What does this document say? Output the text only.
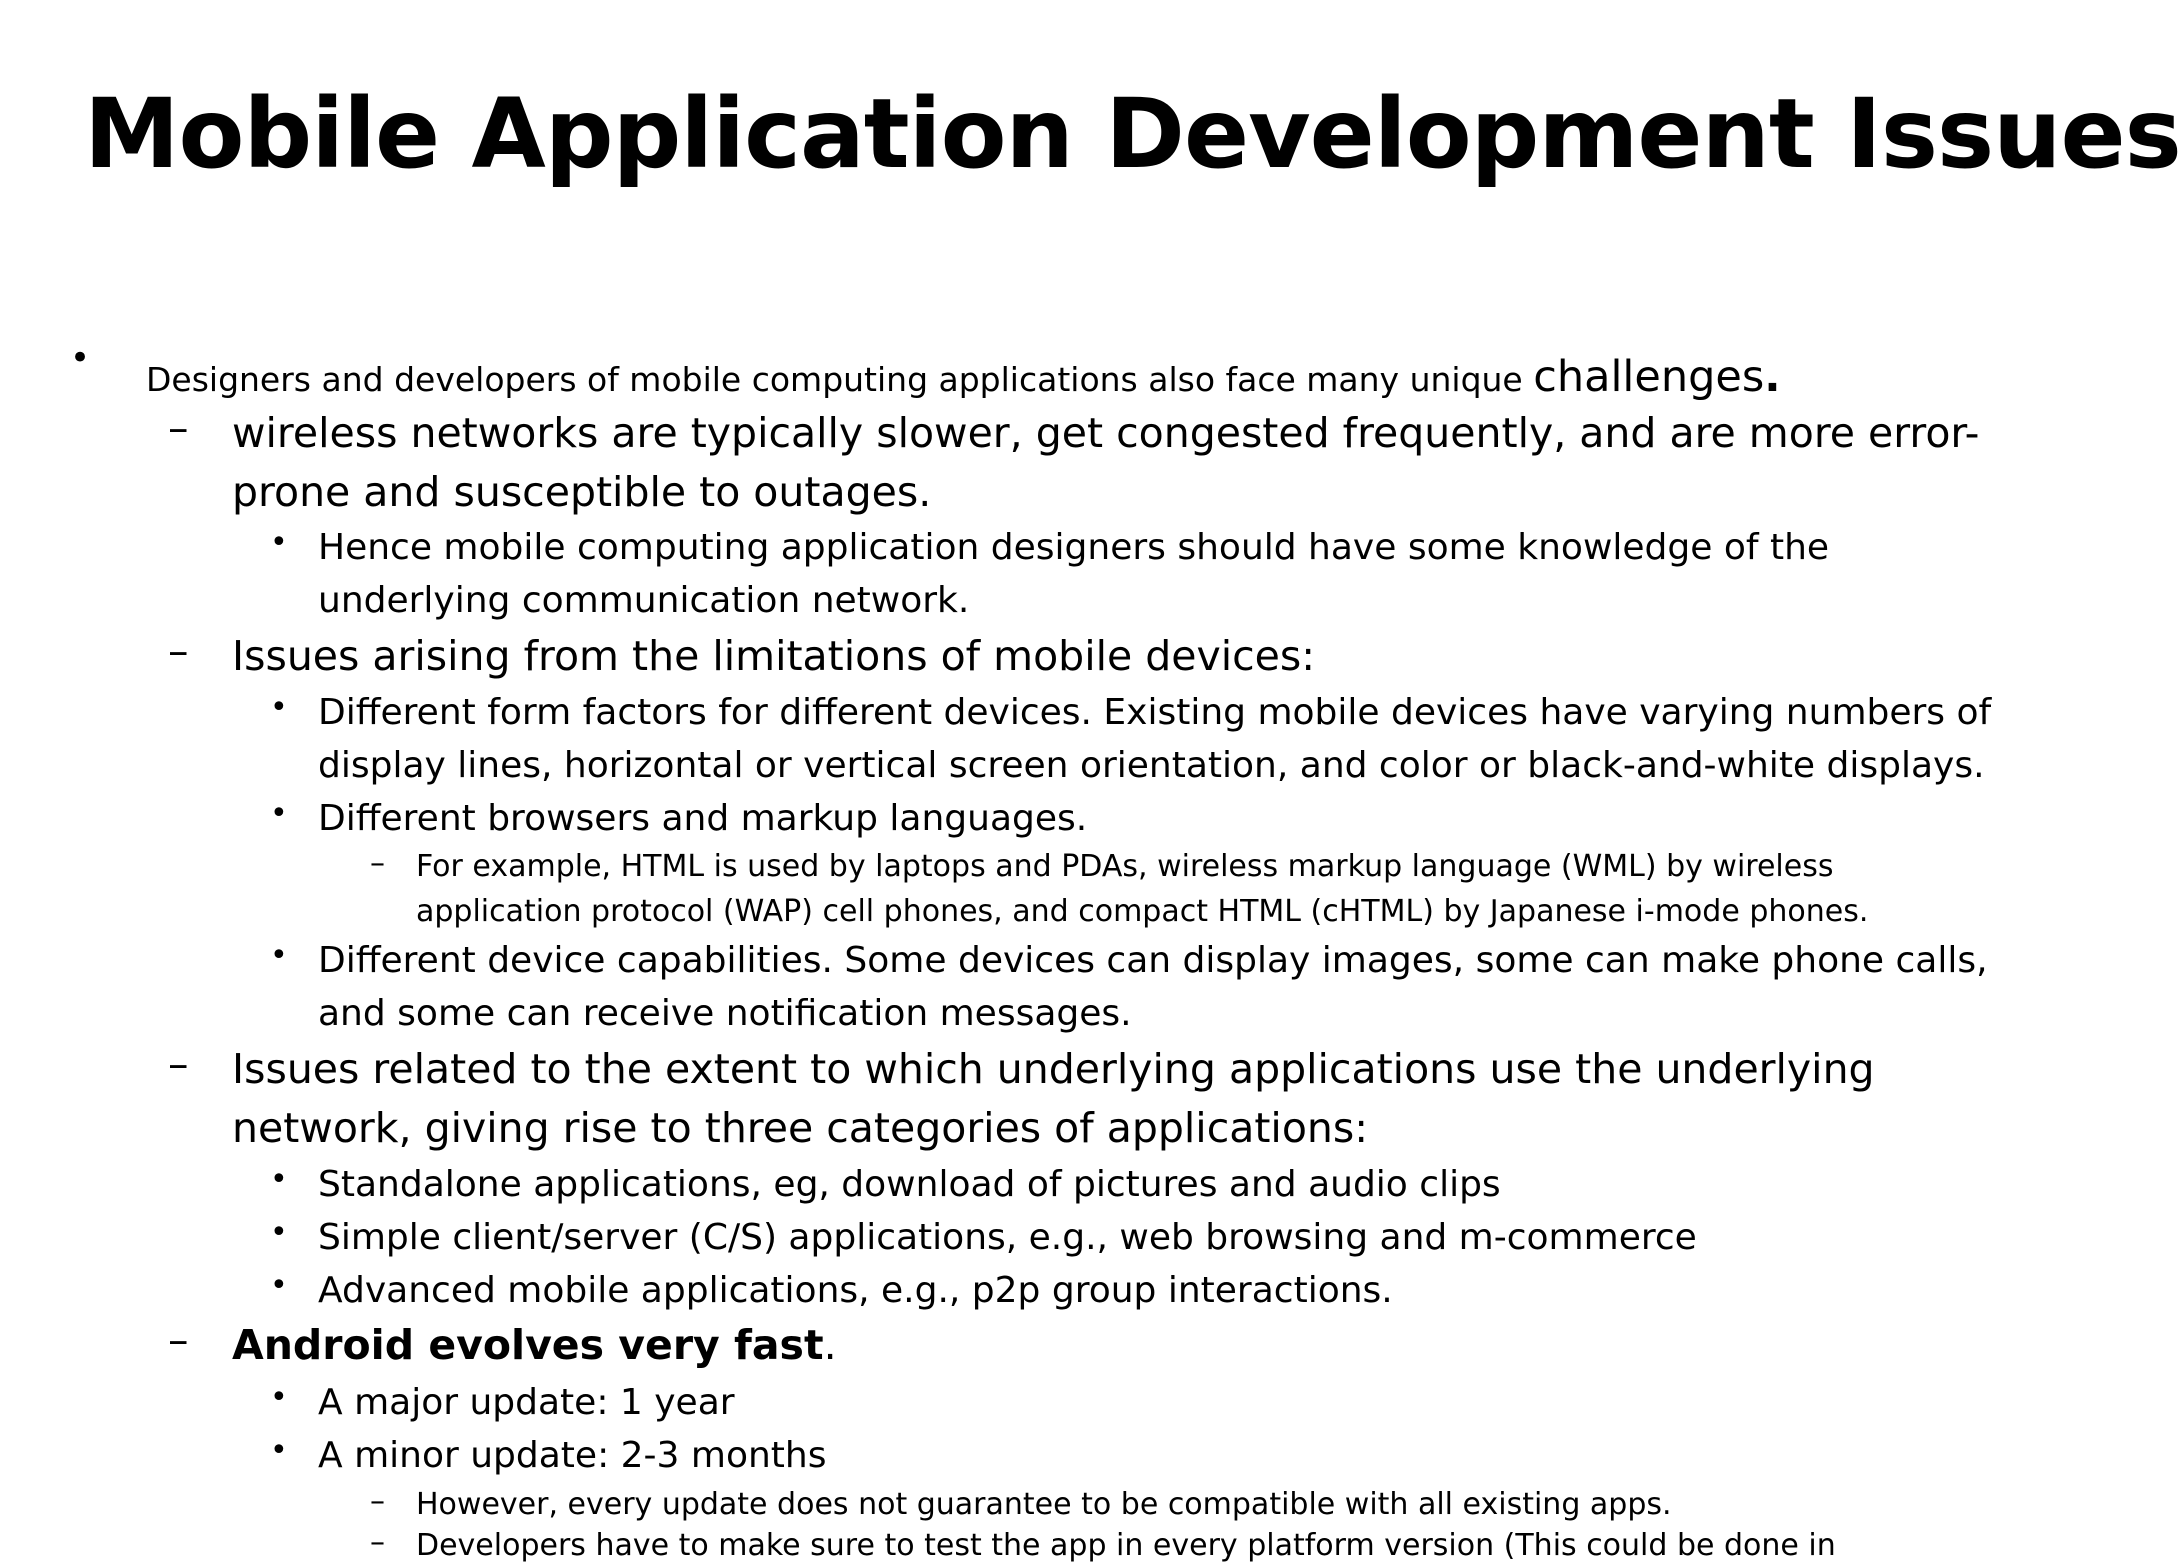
Mobile Application Development Issues
•
Designers and developers of mobile computing applications also face many unique challenges.
– wireless networks are typically slower, get congested frequently, and are more error-
prone and susceptible to outages.
• Hence mobile computing application designers should have some knowledge of the
underlying communication network.
– Issues arising from the limitations of mobile devices:
• Different form factors for different devices. Existing mobile devices have varying numbers of
display lines, horizontal or vertical screen orientation, and color or black-and-white displays.
• Different browsers and markup languages.
– For example, HTML is used by laptops and PDAs, wireless markup language (WML) by wireless
application protocol (WAP) cell phones, and compact HTML (cHTML) by Japanese i-mode phones.
• Different device capabilities. Some devices can display images, some can make phone calls,
and some can receive notification messages.
– Issues related to the extent to which underlying applications use the underlying
network, giving rise to three categories of applications:
• Standalone applications, eg, download of pictures and audio clips
• Simple client/server (C/S) applications, e.g., web browsing and m-commerce
• Advanced mobile applications, e.g., p2p group interactions.
– Android evolves very fast.
• A major update: 1 year
• A minor update: 2-3 months
– However, every update does not guarantee to be compatible with all existing apps.
– Developers have to make sure to test the app in every platform version (This could be done in
